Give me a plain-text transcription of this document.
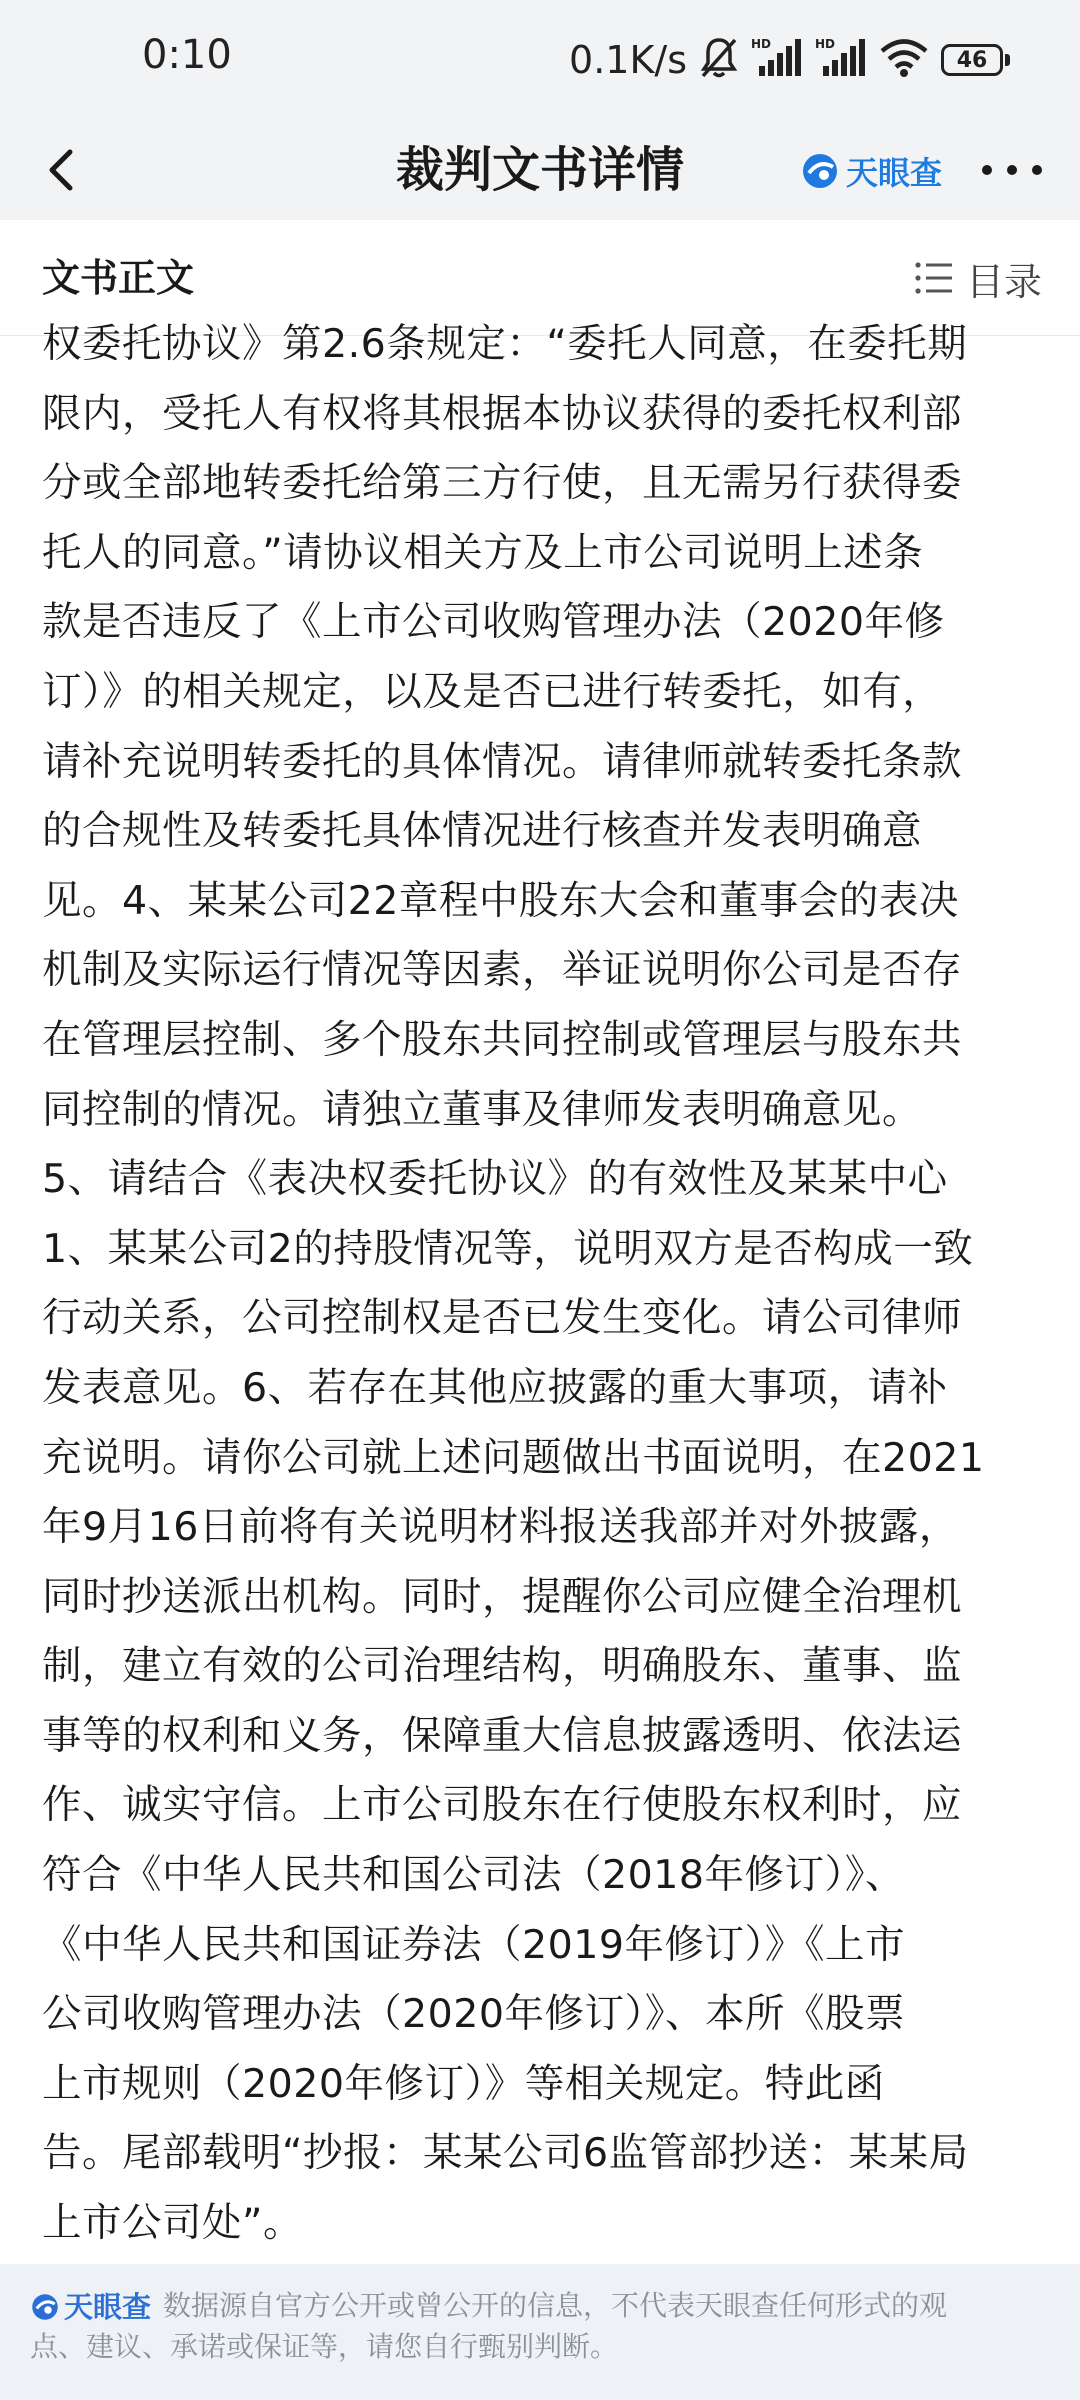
0:10	0.1K/s	HD	HD
46
裁判文书详情	天眼查
文书正文	目录
权委托协议》第2.6条规定：“委托人同意，在委托期
限内，受托人有权将其根据本协议获得的委托权利部
分或全部地转委托给第三方行使，且无需另行获得委
托人的同意。”请协议相关方及上市公司说明上述条
款是否违反了《上市公司收购管理办法（2020年修
订）》的相关规定，以及是否已进行转委托，如有，
请补充说明转委托的具体情况。请律师就转委托条款
的合规性及转委托具体情况进行核查并发表明确意
见。4、某某公司22章程中股东大会和董事会的表决
机制及实际运行情况等因素，举证说明你公司是否存
在管理层控制、多个股东共同控制或管理层与股东共
同控制的情况。请独立董事及律师发表明确意见。
5、请结合《表决权委托协议》的有效性及某某中心
1、某某公司2的持股情况等，说明双方是否构成一致
行动关系，公司控制权是否已发生变化。请公司律师
发表意见。6、若存在其他应披露的重大事项，请补
充说明。请你公司就上述问题做出书面说明，在2021
年9月16日前将有关说明材料报送我部并对外披露，
同时抄送派出机构。同时，提醒你公司应健全治理机
制，建立有效的公司治理结构，明确股东、董事、监
事等的权利和义务，保障重大信息披露透明、依法运
作、诚实守信。上市公司股东在行使股东权利时，应
符合《中华人民共和国公司法（2018年修订）》、
《中华人民共和国证券法（2019年修订）》《上市
公司收购管理办法（2020年修订）》、本所《股票
上市规则（2020年修订）》等相关规定。特此函
告。尾部载明“抄报：某某公司6监管部抄送：某某局
上市公司处”。
天眼查 数据源自官方公开或曾公开的信息，不代表天眼查任何形式的观
点、建议、承诺或保证等，请您自行甄别判断。
